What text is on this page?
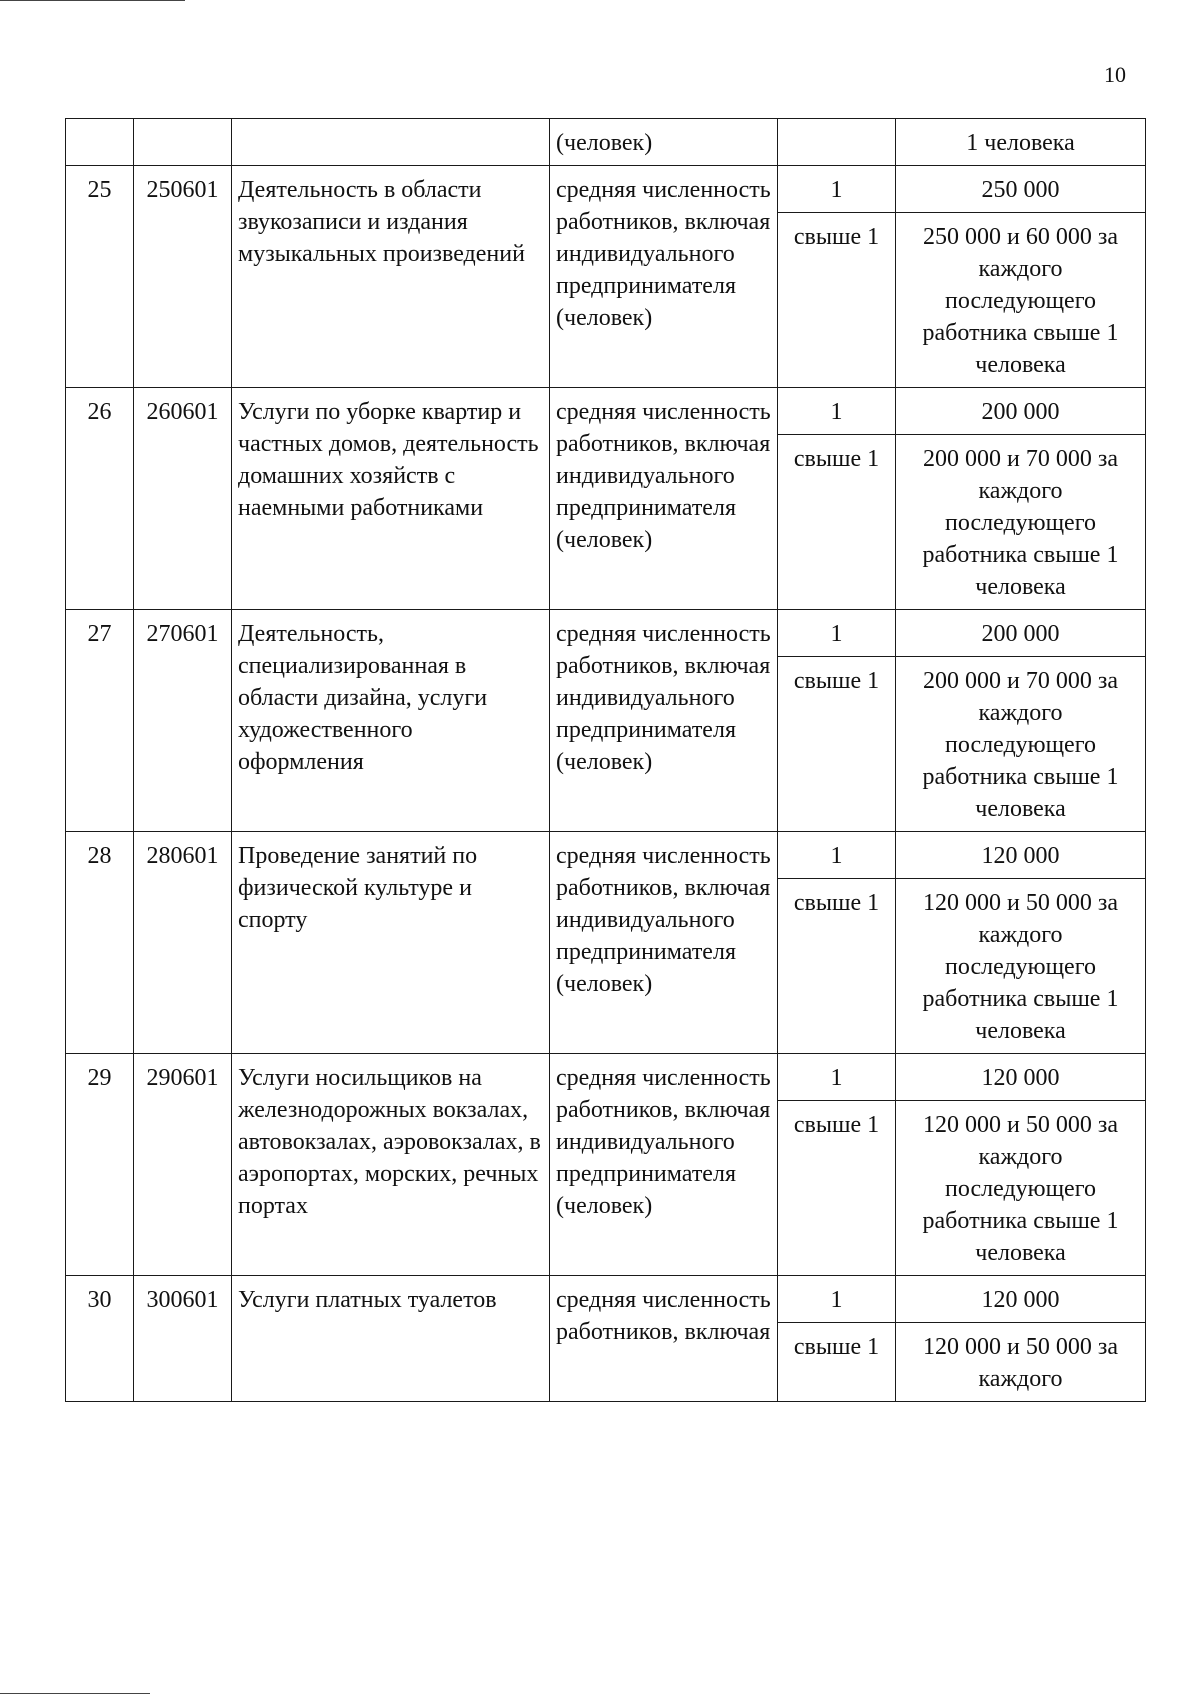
10
			(человек)		1 человека
25	250601	Деятельность в области звукозаписи и издания музыкальных произведений	средняя численность работников, включая индивидуального предпринимателя (человек)	1	250 000
				свыше 1	250 000 и 60 000 за каждого последующего работника свыше 1 человека
26	260601	Услуги по уборке квартир и частных домов, деятельность домашних хозяйств с наемными работниками	средняя численность работников, включая индивидуального предпринимателя (человек)	1	200 000
				свыше 1	200 000 и 70 000 за каждого последующего работника свыше 1 человека
27	270601	Деятельность, специализированная в области дизайна, услуги художественного оформления	средняя численность работников, включая индивидуального предпринимателя (человек)	1	200 000
				свыше 1	200 000 и 70 000 за каждого последующего работника свыше 1 человека
28	280601	Проведение занятий по физической культуре и спорту	средняя численность работников, включая индивидуального предпринимателя (человек)	1	120 000
				свыше 1	120 000 и 50 000 за каждого последующего работника свыше 1 человека
29	290601	Услуги носильщиков на железнодорожных вокзалах, автовокзалах, аэровокзалах, в аэропортах, морских, речных портах	средняя численность работников, включая индивидуального предпринимателя (человек)	1	120 000
				свыше 1	120 000 и 50 000 за каждого последующего работника свыше 1 человека
30	300601	Услуги платных туалетов	средняя численность работников, включая	1	120 000
				свыше 1	120 000 и 50 000 за каждого
